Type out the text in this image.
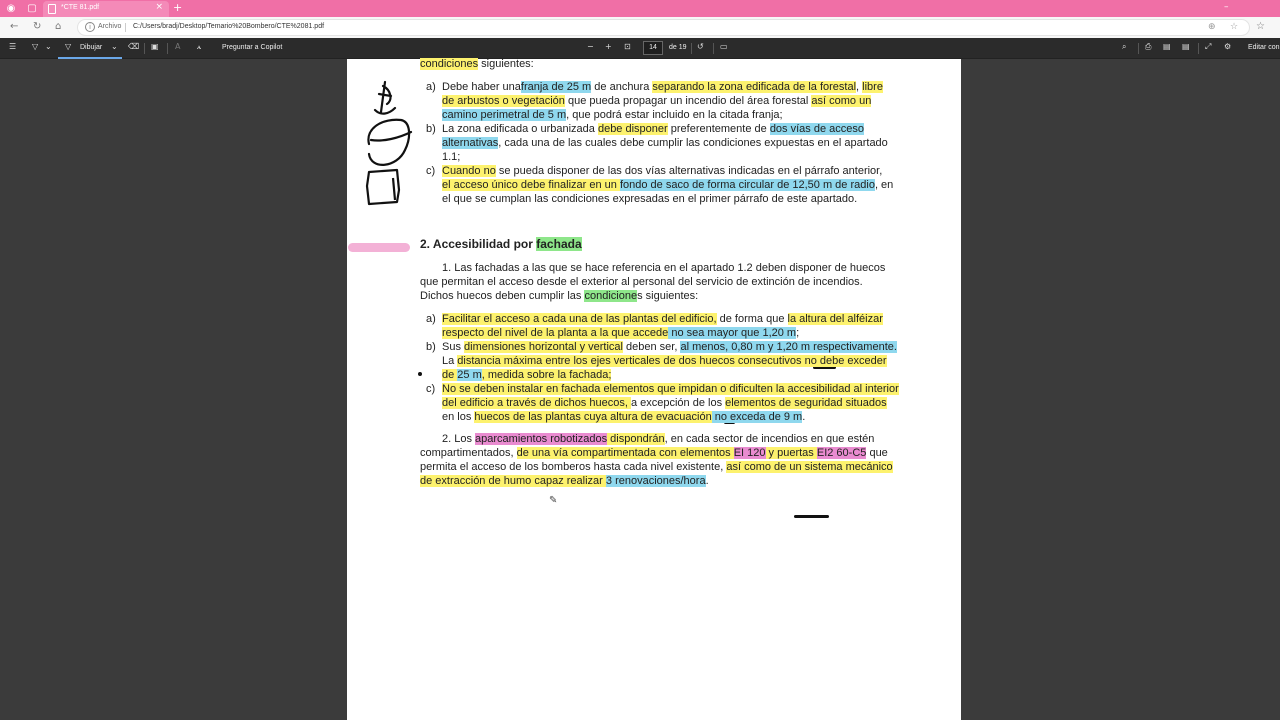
◉ ▢	*CTE 81.pdf	× +	–
← ↻ ⌂	i	Archivo C:/Users/bradj/Desktop/Temario%20Bombero/CTE%2081.pdf	⊕ ☆ ☆
☰ ▽ ⌄ ▽ Dibujar ⌄ ⌫ ▣ A ꭺ	Preguntar a Copilot	− + ⊡	14	de 19 ↺ ▭	⌕ ⎙ ▤ ▤ ⤢ ⚙ Editar con
✎
condiciones siguientes:
a) Debe haber unafranja de 25 m de anchura separando la zona edificada de la forestal, libre
de arbustos o vegetación que pueda propagar un incendio del área forestal así como un
camino perimetral de 5 m, que podrá estar incluido en la citada franja;
b) La zona edificada o urbanizada debe disponer preferentemente de dos vías de acceso
alternativas, cada una de las cuales debe cumplir las condiciones expuestas en el apartado
1.1;
c) Cuando no se pueda disponer de las dos vías alternativas indicadas en el párrafo anterior,
el acceso único debe finalizar en un fondo de saco de forma circular de 12,50 m de radio, en
el que se cumplan las condiciones expresadas en el primer párrafo de este apartado.
2. Accesibilidad por fachada
1. Las fachadas a las que se hace referencia en el apartado 1.2 deben disponer de huecos
que permitan el acceso desde el exterior al personal del servicio de extinción de incendios.
Dichos huecos deben cumplir las condiciones siguientes:
a) Facilitar el acceso a cada una de las plantas del edificio, de forma que la altura del alféizar
respecto del nivel de la planta a la que accede no sea mayor que 1,20 m;
b) Sus dimensiones horizontal y vertical deben ser, al menos, 0,80 m y 1,20 m respectivamente.
La distancia máxima entre los ejes verticales de dos huecos consecutivos no debe exceder
de 25 m, medida sobre la fachada;
c) No se deben instalar en fachada elementos que impidan o dificulten la accesibilidad al interior
del edificio a través de dichos huecos, a excepción de los elementos de seguridad situados
en los huecos de las plantas cuya altura de evacuación no exceda de 9 m.
2. Los aparcamientos robotizados dispondrán, en cada sector de incendios en que estén
compartimentados, de una vía compartimentada con elementos EI 120 y puertas EI2 60-C5 que
permita el acceso de los bomberos hasta cada nivel existente, así como de un sistema mecánico
de extracción de humo capaz realizar 3 renovaciones/hora.
